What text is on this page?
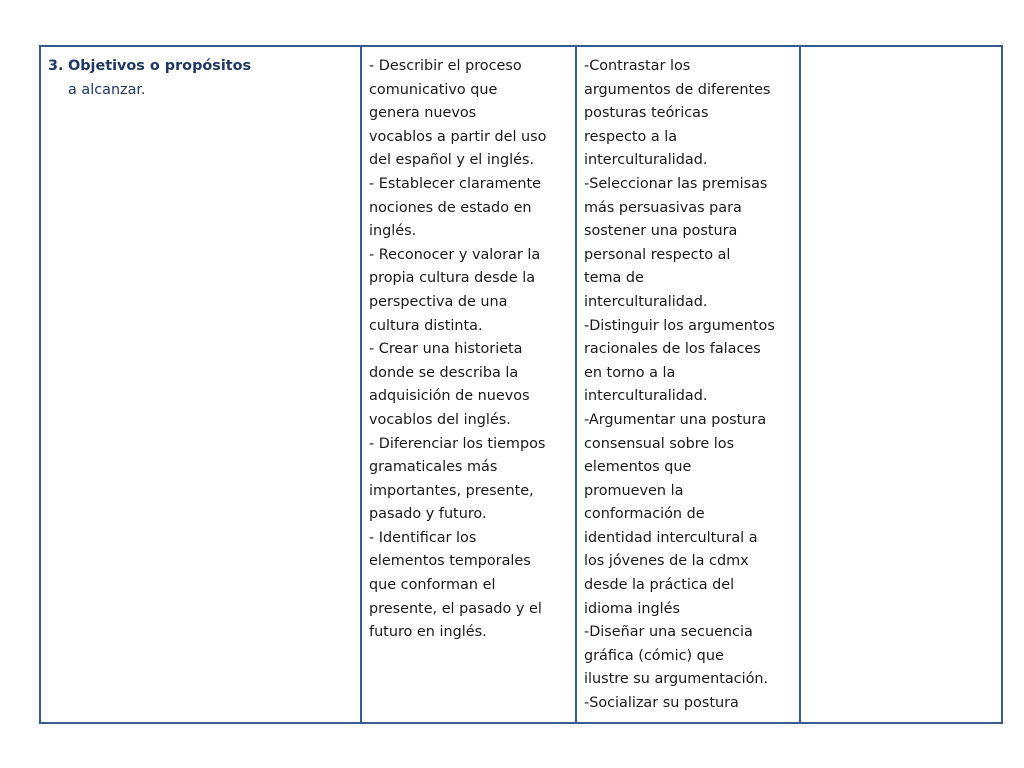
3. Objetivos o propósitos
a alcanzar.

- Describir el proceso
comunicativo que
genera nuevos
vocablos a partir del uso
del español y el inglés.
- Establecer claramente
nociones de estado en
inglés.
- Reconocer y valorar la
propia cultura desde la
perspectiva de una
cultura distinta.
- Crear una historieta
donde se describa la
adquisición de nuevos
vocablos del inglés.
- Diferenciar los tiempos
gramaticales más
importantes, presente,
pasado y futuro.
- Identificar los
elementos temporales
que conforman el
presente, el pasado y el
futuro en inglés.

-Contrastar los
argumentos de diferentes
posturas teóricas
respecto a la
interculturalidad.
-Seleccionar las premisas
más persuasivas para
sostener una postura
personal respecto al
tema de
interculturalidad.
-Distinguir los argumentos
racionales de los falaces
en torno a la
interculturalidad.
-Argumentar una postura
consensual sobre los
elementos que
promueven la
conformación de
identidad intercultural a
los jóvenes de la cdmx
desde la práctica del
idioma inglés
-Diseñar una secuencia
gráfica (cómic) que
ilustre su argumentación.
-Socializar su postura
